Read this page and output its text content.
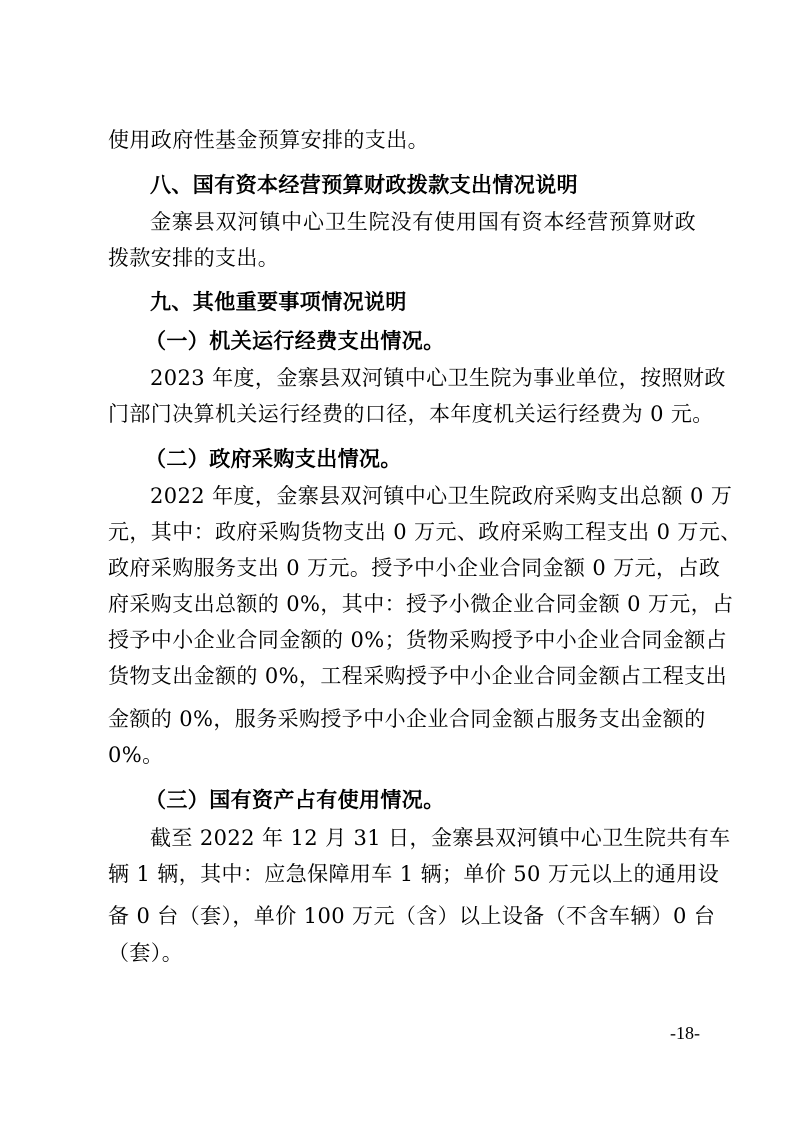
使用政府性基金预算安排的支出。
八、国有资本经营预算财政拨款支出情况说明
金寨县双河镇中心卫生院没有使用国有资本经营预算财政
拨款安排的支出。
九、其他重要事项情况说明
（一）机关运行经费支出情况。
2023 年度，金寨县双河镇中心卫生院为事业单位，按照财政
门部门决算机关运行经费的口径，本年度机关运行经费为 0 元。
（二）政府采购支出情况。
2022 年度，金寨县双河镇中心卫生院政府采购支出总额 0 万
元，其中：政府采购货物支出 0 万元、政府采购工程支出 0 万元、
政府采购服务支出 0 万元。授予中小企业合同金额 0 万元，占政
府采购支出总额的 0%，其中：授予小微企业合同金额 0 万元，占
授予中小企业合同金额的 0%；货物采购授予中小企业合同金额占
货物支出金额的 0%，工程采购授予中小企业合同金额占工程支出
金额的 0%，服务采购授予中小企业合同金额占服务支出金额的
0%。
（三）国有资产占有使用情况。
截至 2022 年 12 月 31 日，金寨县双河镇中心卫生院共有车
辆 1 辆，其中：应急保障用车 1 辆；单价 50 万元以上的通用设
备 0 台（套），单价 100 万元（含）以上设备（不含车辆）0 台
（套）。
-18-
